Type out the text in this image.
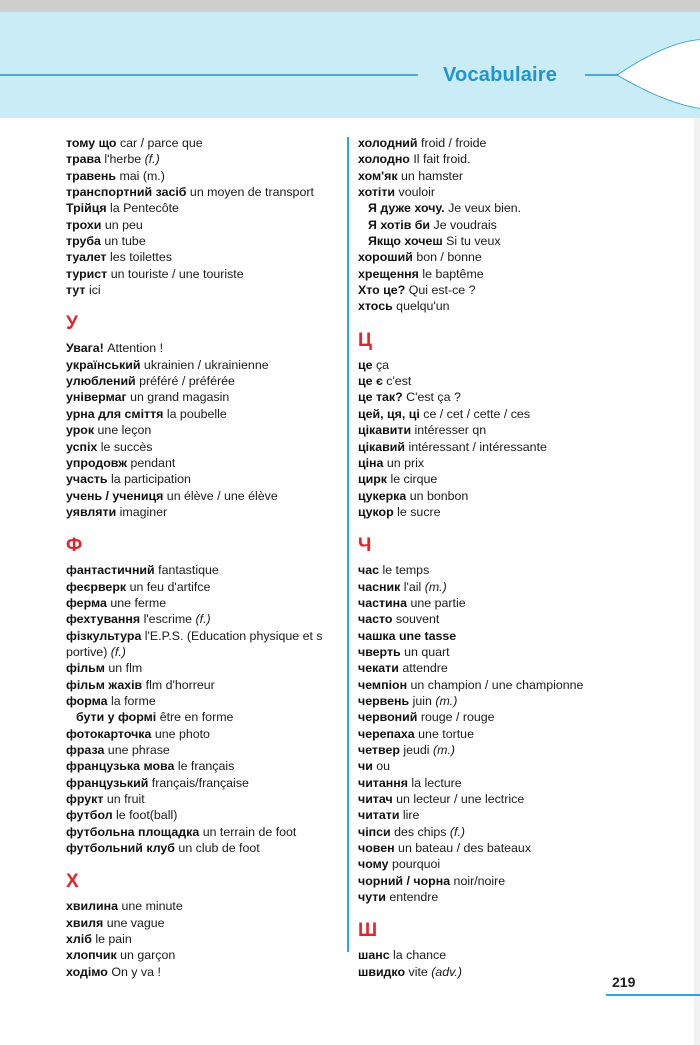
Vocabulaire
тому що car / parce que
трава l'herbe (f.)
травень mai (m.)
транспортний засіб un moyen de transport
Трійця la Pentecôte
трохи un peu
труба un tube
туалет les toilettes
турист un touriste / une touriste
тут ici
У
Увага! Attention !
український ukrainien / ukrainienne
улюблений préféré / préférée
універмаг un grand magasin
урна для сміття la poubelle
урок une leçon
успіх le succès
упродовж pendant
участь la participation
учень / учениця un élève / une élève
уявляти imaginer
Ф
фантастичний fantastique
феєрверк un feu d'artifce
ферма une ferme
фехтування l'escrime (f.)
фізкультура l'E.P.S. (Education physique et s
portive) (f.)
фільм un flm
фільм жахів flm d'horreur
форма la forme
бути у формі être en forme
фотокарточка une photo
фраза une phrase
французька мова le français
французький français/française
фрукт un fruit
футбол le foot(ball)
футбольна площадка un terrain de foot
футбольний клуб un club de foot
Х
хвилина une minute
хвиля une vague
хліб le pain
хлопчик un garçon
ходімо On y va !
холодний froid / froide
холодно Il fait froid.
хом'як un hamster
хотіти vouloir
Я дуже хочу. Je veux bien.
Я хотів би Je voudrais
Якщо хочеш Si tu veux
хороший bon / bonne
хрещення le baptême
Хто це? Qui est-ce ?
хтось quelqu'un
Ц
це ça
це є c'est
це так? C'est ça ?
цей, ця, ці ce / cet / cette / ces
цікавити intéresser qn
цікавий intéressant / intéressante
ціна un prix
цирк le cirque
цукерка un bonbon
цукор le sucre
Ч
час le temps
часник l'ail (m.)
частина une partie
часто souvent
чашка une tasse
чверть un quart
чекати attendre
чемпіон un champion / une championne
червень juin (m.)
червоний rouge / rouge
черепаха une tortue
четвер jeudi (m.)
чи ou
читання la lecture
читач un lecteur / une lectrice
читати lire
чіпси des chips (f.)
човен un bateau / des bateaux
чому pourquoi
чорний / чорна noir/noire
чути entendre
Ш
шанс la chance
швидко vite (adv.)
219
